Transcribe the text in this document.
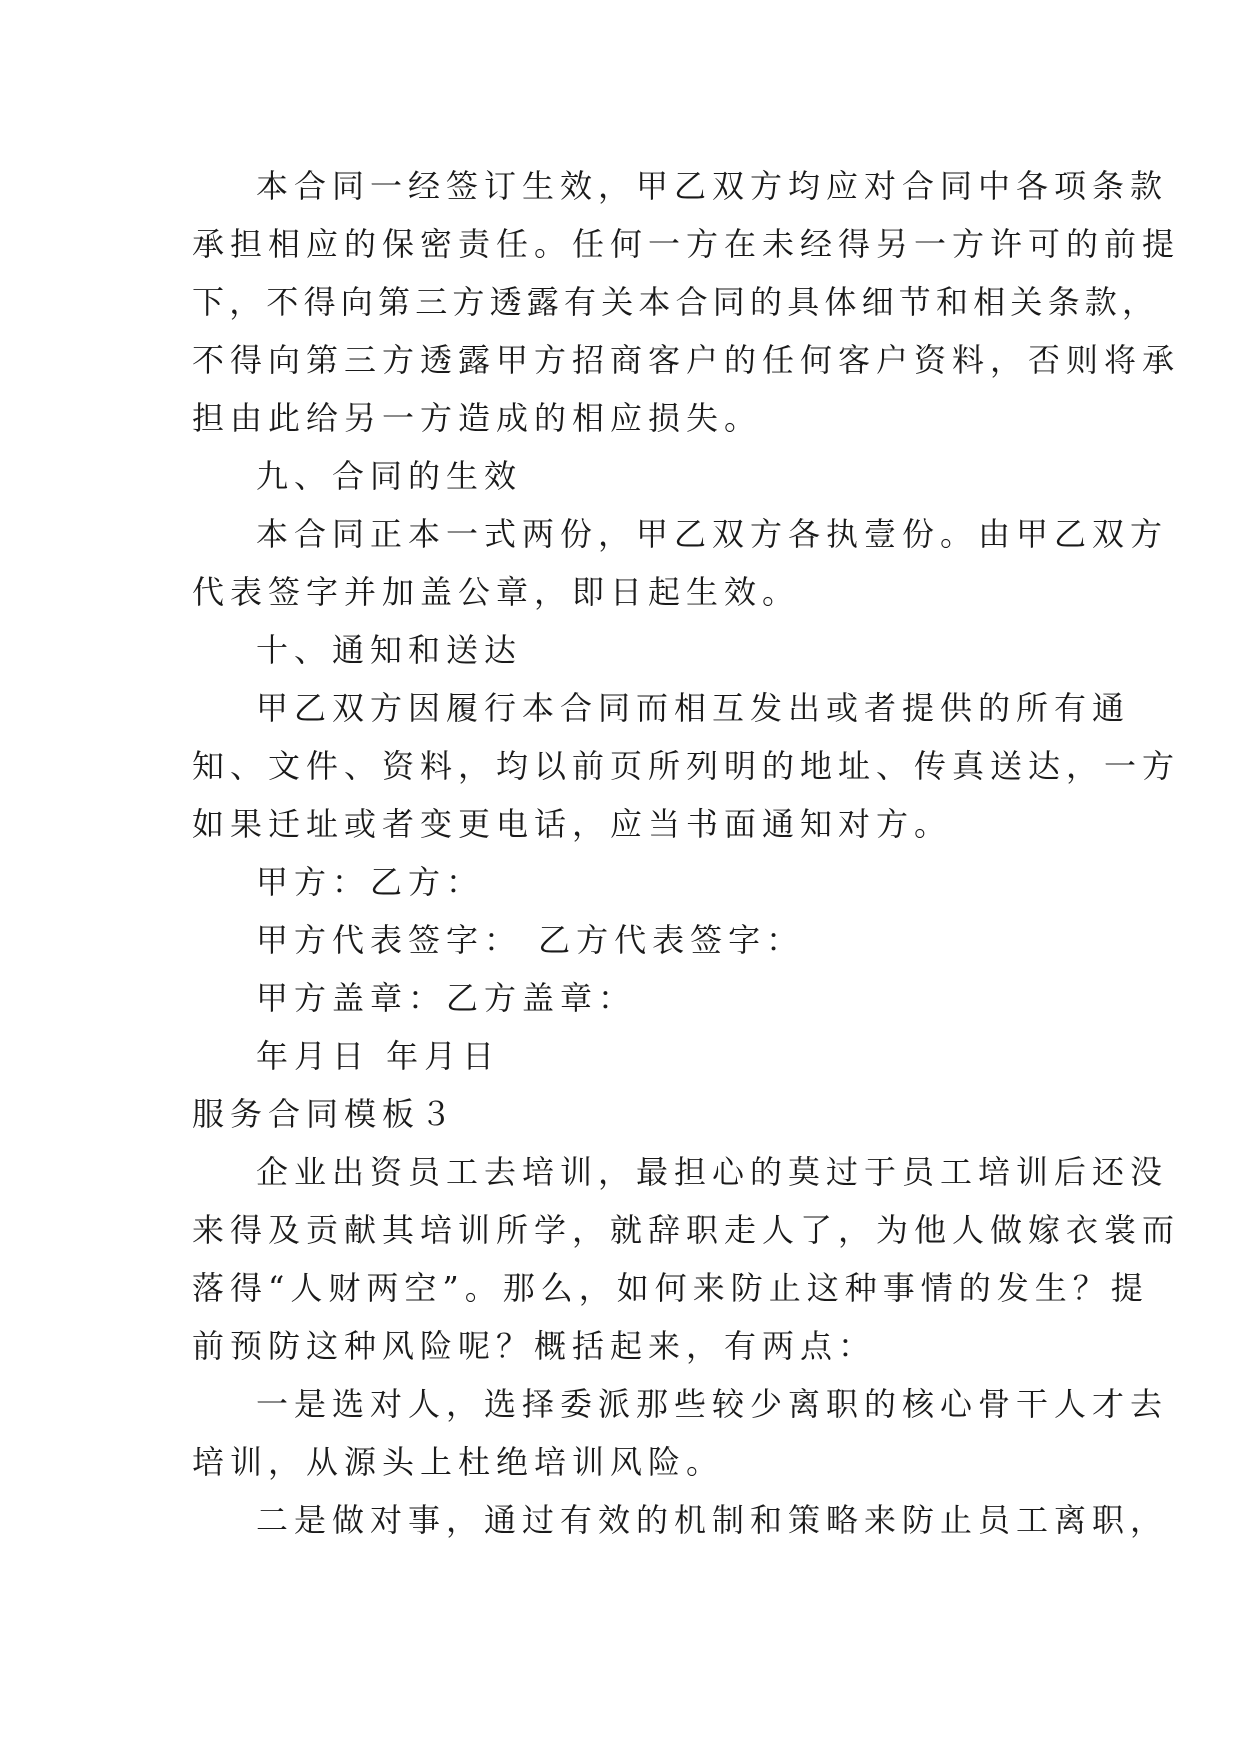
本合同一经签订生效，甲乙双方均应对合同中各项条款
承担相应的保密责任。任何一方在未经得另一方许可的前提
下，不得向第三方透露有关本合同的具体细节和相关条款，
不得向第三方透露甲方招商客户的任何客户资料，否则将承
担由此给另一方造成的相应损失。
九、合同的生效
本合同正本一式两份，甲乙双方各执壹份。由甲乙双方
代表签字并加盖公章，即日起生效。
十、通知和送达
甲乙双方因履行本合同而相互发出或者提供的所有通
知、文件、资料，均以前页所列明的地址、传真送达，一方
如果迁址或者变更电话，应当书面通知对方。
甲方：乙方：
甲方代表签字： 乙方代表签字：
甲方盖章：乙方盖章：
年月日 年月日
服务合同模板３
企业出资员工去培训，最担心的莫过于员工培训后还没
来得及贡献其培训所学，就辞职走人了，为他人做嫁衣裳而
落得“人财两空”。那么，如何来防止这种事情的发生？提
前预防这种风险呢？概括起来，有两点：
一是选对人，选择委派那些较少离职的核心骨干人才去
培训，从源头上杜绝培训风险。
二是做对事，通过有效的机制和策略来防止员工离职，
